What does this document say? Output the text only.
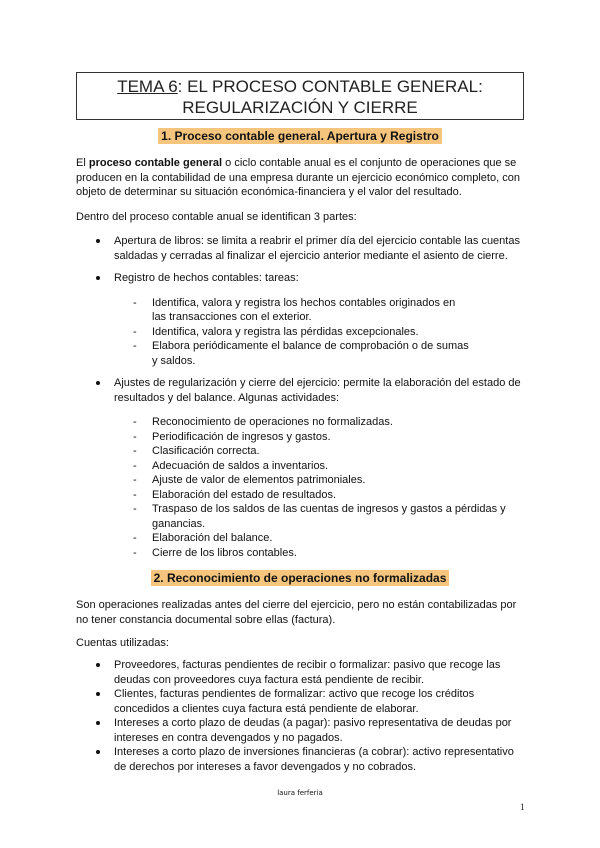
TEMA 6: EL PROCESO CONTABLE GENERAL:
REGULARIZACIÓN Y CIERRE
1. Proceso contable general. Apertura y Registro
El proceso contable general o ciclo contable anual es el conjunto de operaciones que se producen en la contabilidad de una empresa durante un ejercicio económico completo, con objeto de determinar su situación económica-financiera y el valor del resultado.
Dentro del proceso contable anual se identifican 3 partes:
Apertura de libros: se limita a reabrir el primer día del ejercicio contable las cuentas saldadas y cerradas al finalizar el ejercicio anterior mediante el asiento de cierre.
Registro de hechos contables: tareas:
- Identifica, valora y registra los hechos contables originados en las transacciones con el exterior.
- Identifica, valora y registra las pérdidas excepcionales.
- Elabora periódicamente el balance de comprobación o de sumas y saldos.
Ajustes de regularización y cierre del ejercicio: permite la elaboración del estado de resultados y del balance. Algunas actividades:
- Reconocimiento de operaciones no formalizadas.
- Periodificación de ingresos y gastos.
- Clasificación correcta.
- Adecuación de saldos a inventarios.
- Ajuste de valor de elementos patrimoniales.
- Elaboración del estado de resultados.
- Traspaso de los saldos de las cuentas de ingresos y gastos a pérdidas y ganancias.
- Elaboración del balance.
- Cierre de los libros contables.
2. Reconocimiento de operaciones no formalizadas
Son operaciones realizadas antes del cierre del ejercicio, pero no están contabilizadas por no tener constancia documental sobre ellas (factura).
Cuentas utilizadas:
Proveedores, facturas pendientes de recibir o formalizar: pasivo que recoge las deudas con proveedores cuya factura está pendiente de recibir.
Clientes, facturas pendientes de formalizar: activo que recoge los créditos concedidos a clientes cuya factura está pendiente de elaborar.
Intereses a corto plazo de deudas (a pagar): pasivo representativa de deudas por intereses en contra devengados y no pagados.
Intereses a corto plazo de inversiones financieras (a cobrar): activo representativo de derechos por intereses a favor devengados y no cobrados.
laura ferferia
1
